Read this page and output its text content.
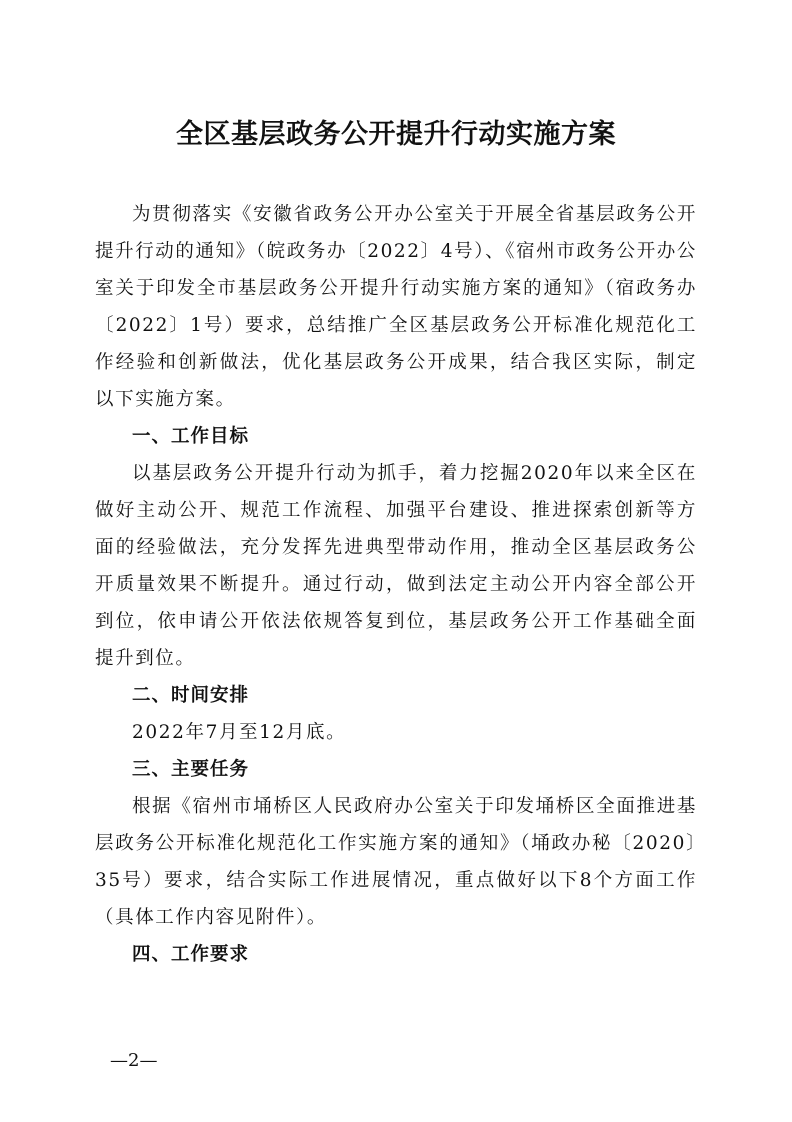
全区基层政务公开提升行动实施方案

为贯彻落实《安徽省政务公开办公室关于开展全省基层政务公开提升行动的通知》（皖政务办〔2022〕4号）、《宿州市政务公开办公室关于印发全市基层政务公开提升行动实施方案的通知》（宿政务办〔2022〕1号）要求，总结推广全区基层政务公开标准化规范化工作经验和创新做法，优化基层政务公开成果，结合我区实际，制定以下实施方案。

一、工作目标

以基层政务公开提升行动为抓手，着力挖掘2020年以来全区在做好主动公开、规范工作流程、加强平台建设、推进探索创新等方面的经验做法，充分发挥先进典型带动作用，推动全区基层政务公开质量效果不断提升。通过行动，做到法定主动公开内容全部公开到位，依申请公开依法依规答复到位，基层政务公开工作基础全面提升到位。

二、时间安排

2022年7月至12月底。

三、主要任务

根据《宿州市埇桥区人民政府办公室关于印发埇桥区全面推进基层政务公开标准化规范化工作实施方案的通知》（埇政办秘〔2020〕35号）要求，结合实际工作进展情况，重点做好以下8个方面工作（具体工作内容见附件）。

四、工作要求

—2—
